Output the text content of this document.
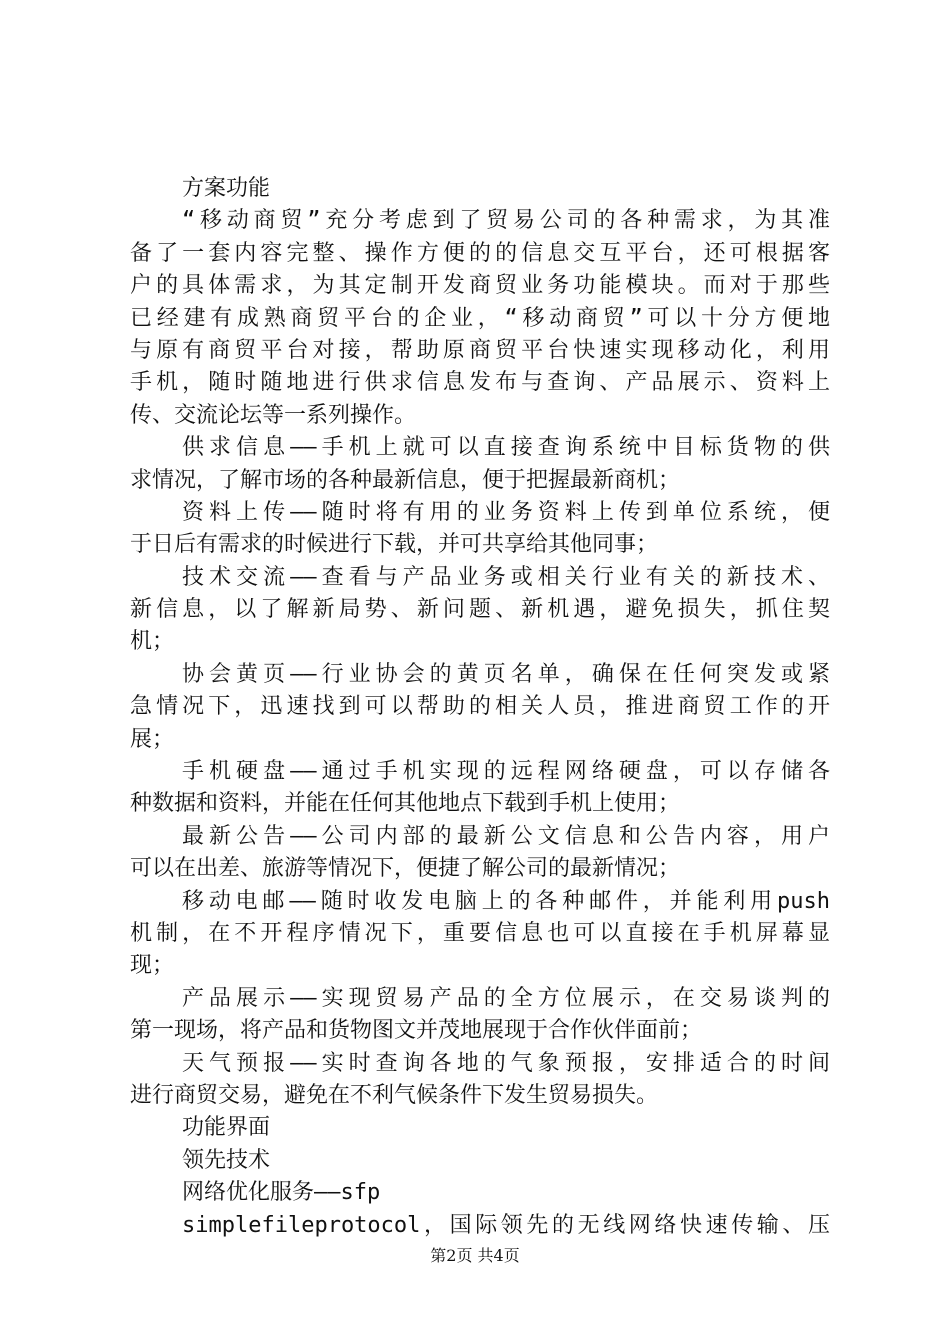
方案功能
“移动商贸”充分考虑到了贸易公司的各种需求，为其准
备了一套内容完整、操作方便的的信息交互平台，还可根据客
户的具体需求，为其定制开发商贸业务功能模块。而对于那些
已经建有成熟商贸平台的企业，“移动商贸”可以十分方便地
与原有商贸平台对接，帮助原商贸平台快速实现移动化，利用
手机，随时随地进行供求信息发布与查询、产品展示、资料上
传、交流论坛等一系列操作。
供求信息——手机上就可以直接查询系统中目标货物的供
求情况，了解市场的各种最新信息，便于把握最新商机；
资料上传——随时将有用的业务资料上传到单位系统，便
于日后有需求的时候进行下载，并可共享给其他同事；
技术交流——查看与产品业务或相关行业有关的新技术、
新信息，以了解新局势、新问题、新机遇，避免损失，抓住契
机；
协会黄页——行业协会的黄页名单，确保在任何突发或紧
急情况下，迅速找到可以帮助的相关人员，推进商贸工作的开
展；
手机硬盘——通过手机实现的远程网络硬盘，可以存储各
种数据和资料，并能在任何其他地点下载到手机上使用；
最新公告——公司内部的最新公文信息和公告内容，用户
可以在出差、旅游等情况下，便捷了解公司的最新情况；
移动电邮——随时收发电脑上的各种邮件，并能利用push
机制，在不开程序情况下，重要信息也可以直接在手机屏幕显
现；
产品展示——实现贸易产品的全方位展示，在交易谈判的
第一现场，将产品和货物图文并茂地展现于合作伙伴面前；
天气预报——实时查询各地的气象预报，安排适合的时间
进行商贸交易，避免在不利气候条件下发生贸易损失。
功能界面
领先技术
网络优化服务——sfp
simplefileprotocol，国际领先的无线网络快速传输、压
第2页 共4页
